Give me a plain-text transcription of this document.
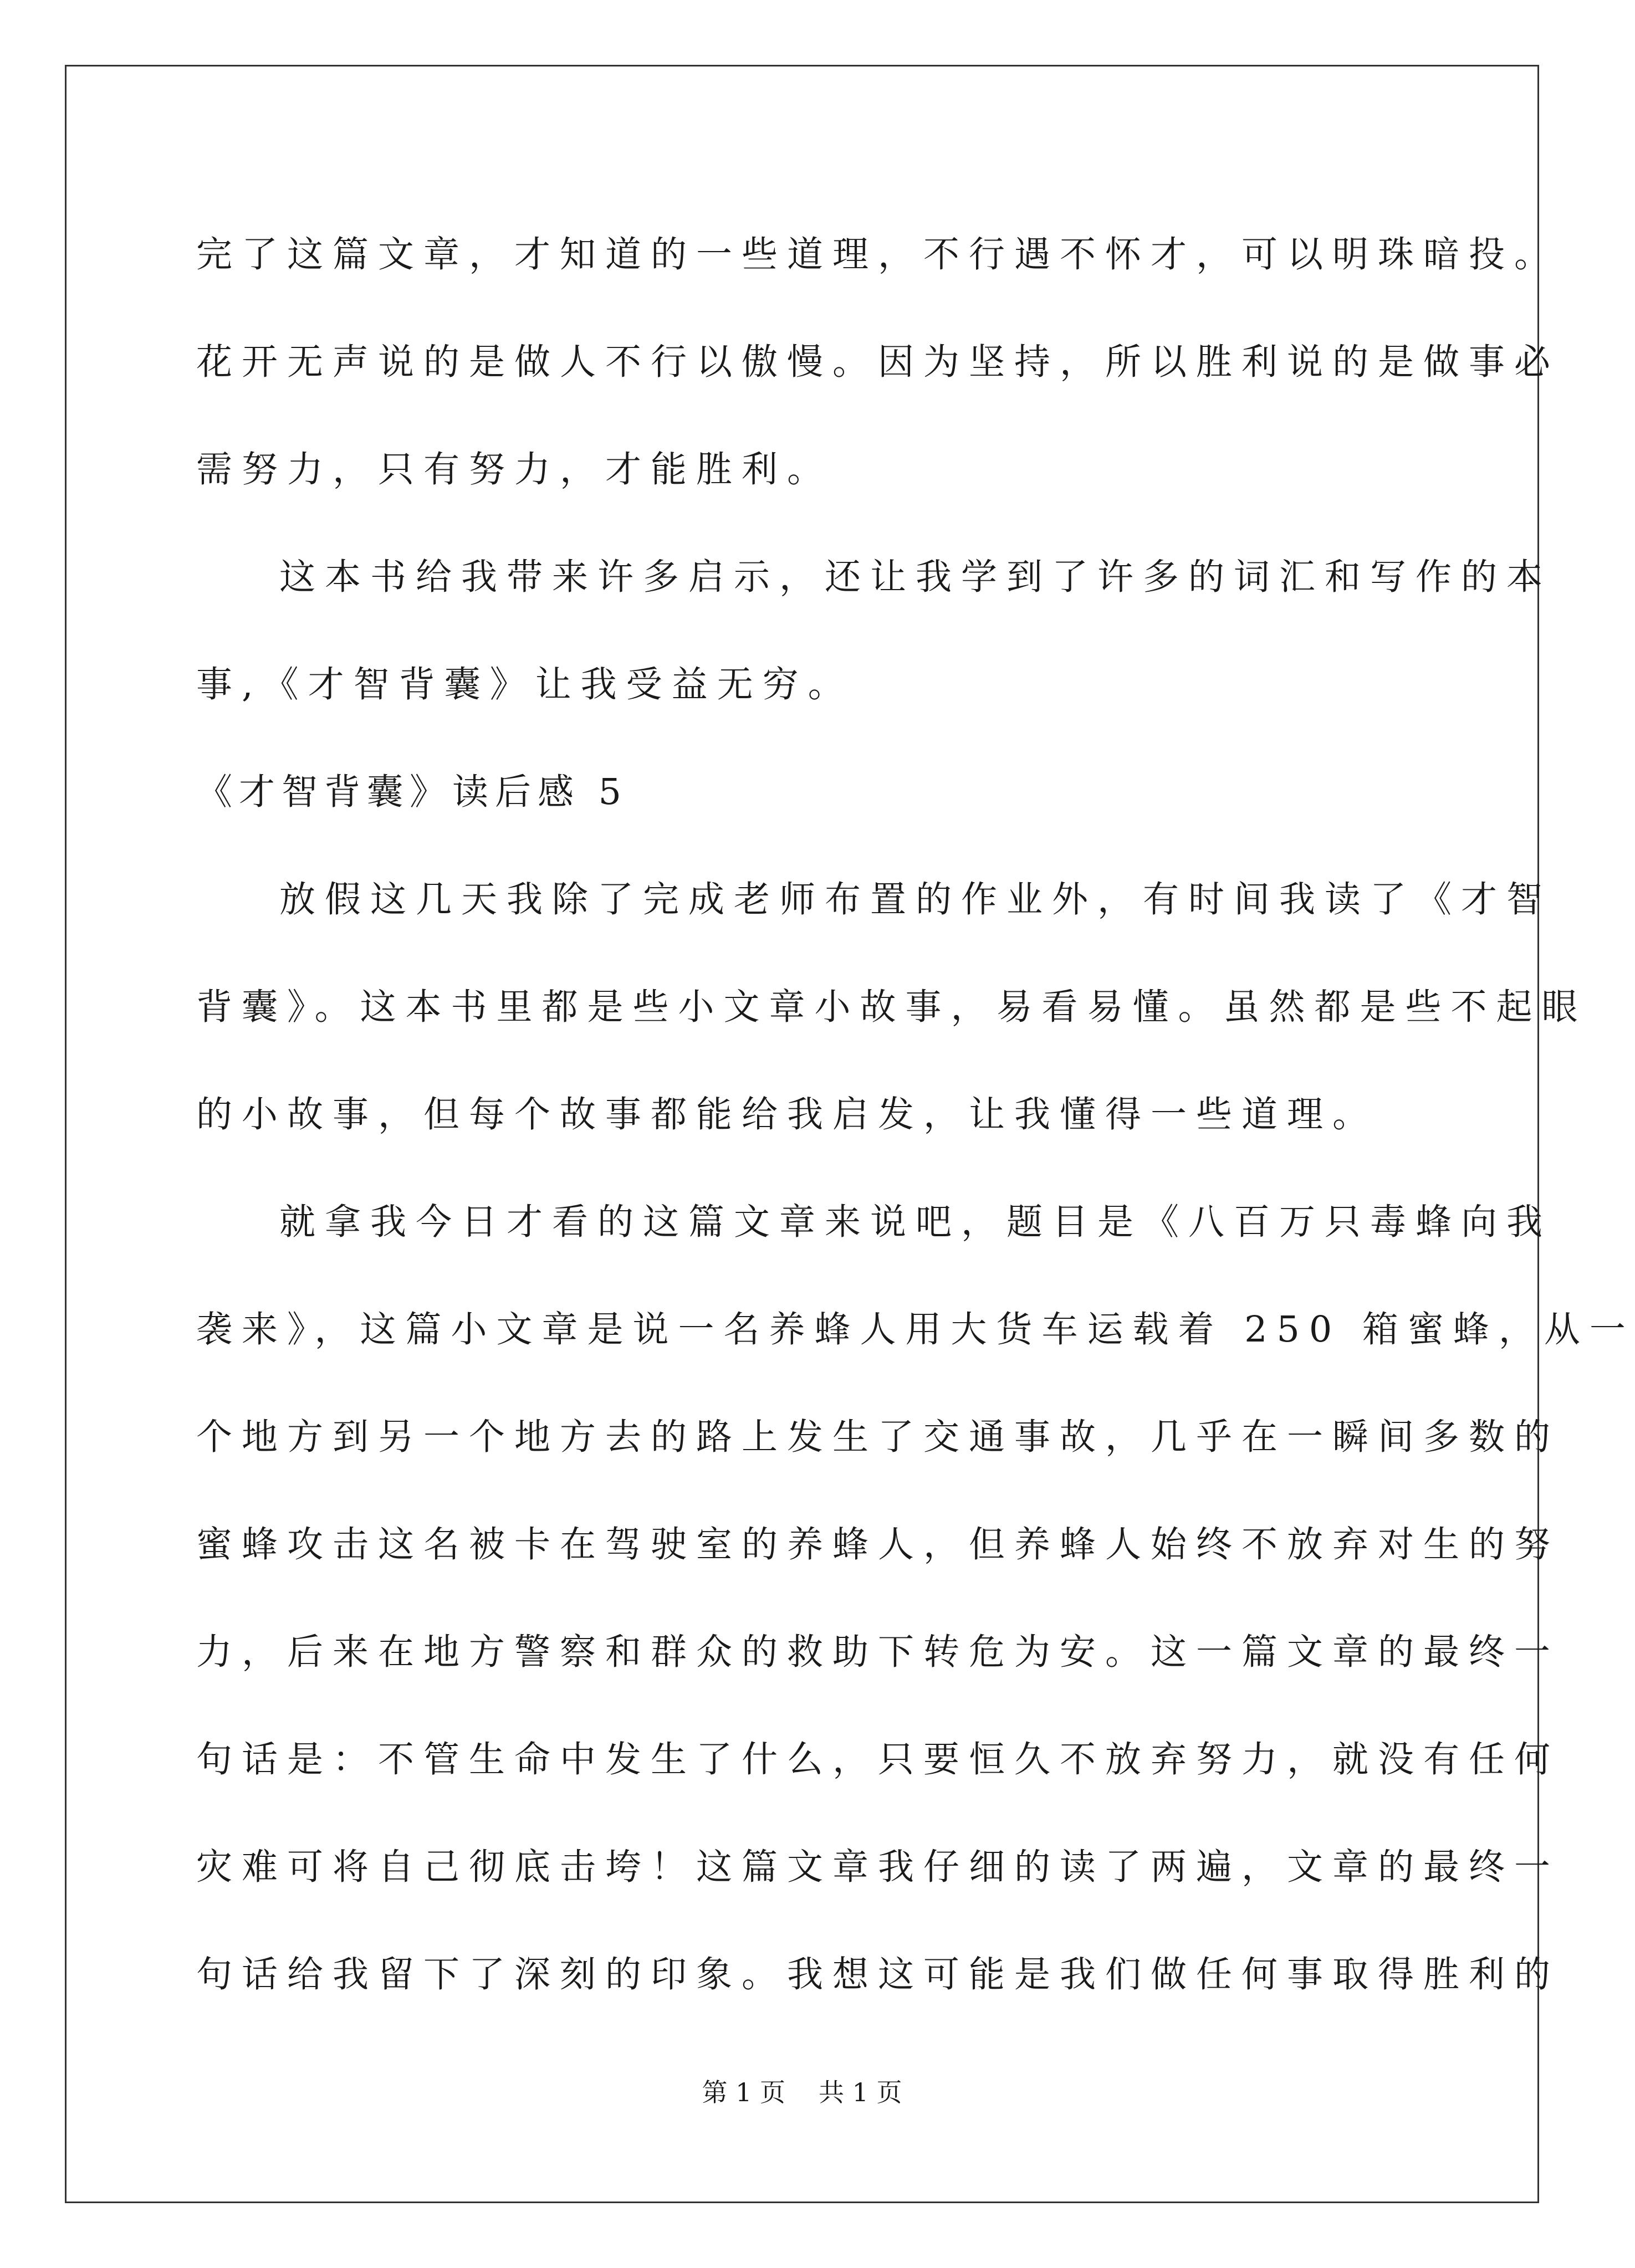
完了这篇文章，才知道的一些道理，不行遇不怀才，可以明珠暗投。
花开无声说的是做人不行以傲慢。因为坚持，所以胜利说的是做事必
需努力，只有努力，才能胜利。
这本书给我带来许多启示，还让我学到了许多的词汇和写作的本
事,《才智背囊》让我受益无穷。
《才智背囊》读后感 5
放假这几天我除了完成老师布置的作业外，有时间我读了《才智
背囊》。这本书里都是些小文章小故事，易看易懂。虽然都是些不起眼
的小故事，但每个故事都能给我启发，让我懂得一些道理。
就拿我今日才看的这篇文章来说吧，题目是《八百万只毒蜂向我
袭来》，这篇小文章是说一名养蜂人用大货车运载着 250 箱蜜蜂，从一
个地方到另一个地方去的路上发生了交通事故，几乎在一瞬间多数的
蜜蜂攻击这名被卡在驾驶室的养蜂人，但养蜂人始终不放弃对生的努
力，后来在地方警察和群众的救助下转危为安。这一篇文章的最终一
句话是：不管生命中发生了什么，只要恒久不放弃努力，就没有任何
灾难可将自己彻底击垮！这篇文章我仔细的读了两遍，文章的最终一
句话给我留下了深刻的印象。我想这可能是我们做任何事取得胜利的
第 1 页 共 1 页
